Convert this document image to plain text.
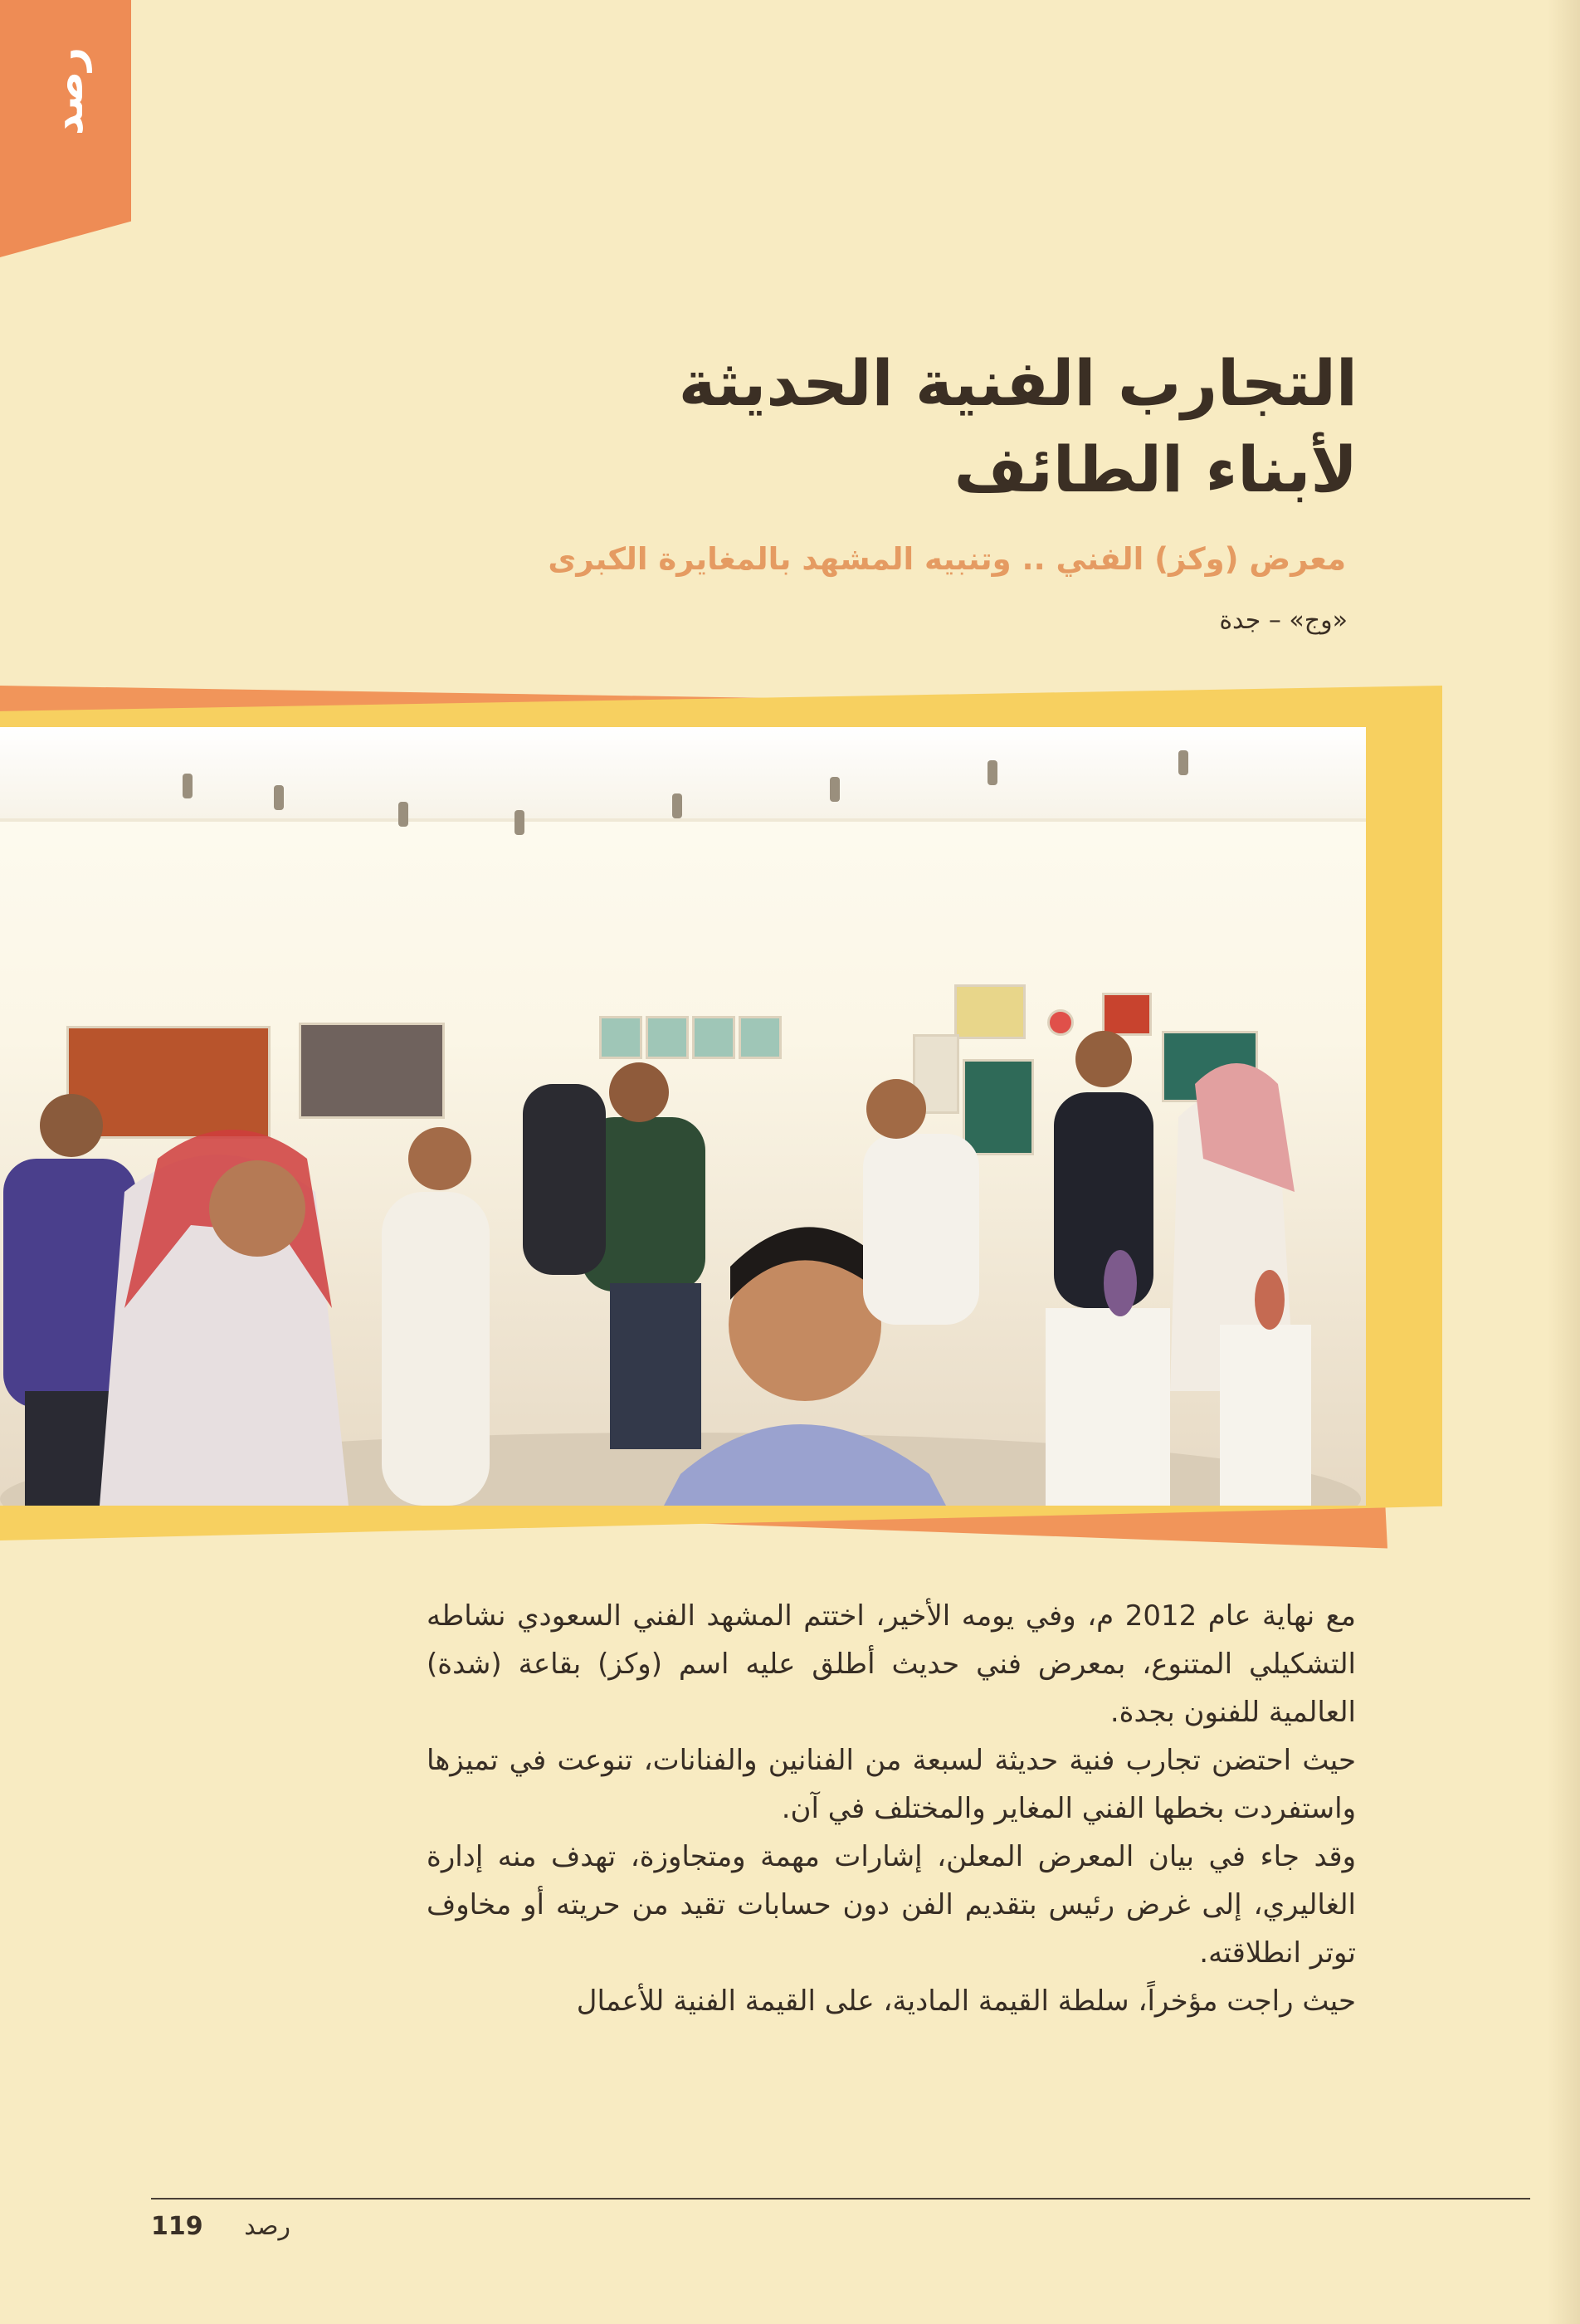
رصد
التجارب الفنية الحديثة
لأبناء الطائف
معرض (وكز) الفني .. وتنبيه المشهد بالمغايرة الكبرى
«وج» – جدة

مع نهاية عام 2012 م، وفي يومه الأخير، اختتم المشهد الفني السعودي نشاطه التشكيلي المتنوع، بمعرض فني حديث أطلق عليه اسم (وكز) بقاعة (شدة) العالمية للفنون بجدة.

حيث احتضن تجارب فنية حديثة لسبعة من الفنانين والفنانات، تنوعت في تميزها واستفردت بخطها الفني المغاير والمختلف في آن.

وقد جاء في بيان المعرض المعلن، إشارات مهمة ومتجاوزة، تهدف منه إدارة الغاليري، إلى غرض رئيس بتقديم الفن دون حسابات تقيد من حريته أو مخاوف توتر انطلاقته.

حيث راجت مؤخراً، سلطة القيمة المادية، على القيمة الفنية للأعمال

119	رصد
